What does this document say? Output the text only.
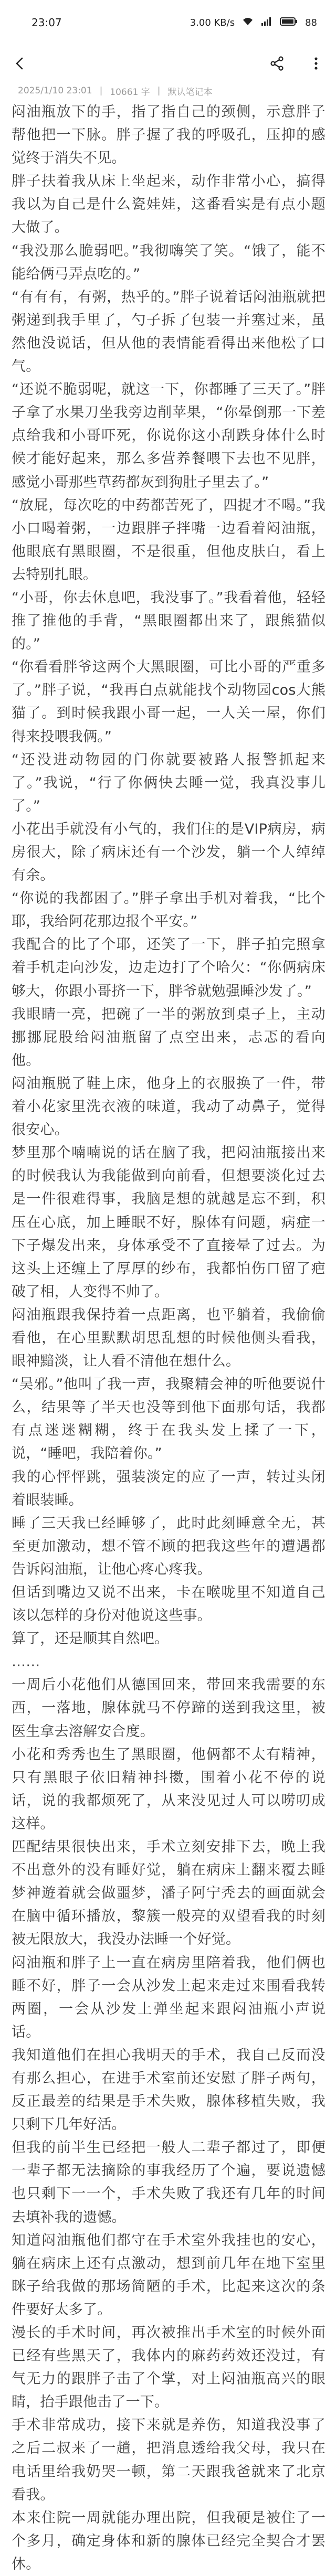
23:07	3.00 KB/s	88
2025/1/10 23:01 | 10661 字 | 默认笔记本

闷油瓶放下的手，指了指自己的颈侧，示意胖子帮他把一下脉。胖子握了我的呼吸孔，压抑的感觉终于消失不见。

胖子扶着我从床上坐起来，动作非常小心，搞得我以为自己是什么瓷娃娃，这番看实是有点小题大做了。

“我没那么脆弱吧。”我彻嗨笑了笑。“饿了，能不能给俩弓弄点吃的。”

“有有有，有粥，热乎的。”胖子说着话闷油瓶就把粥递到我手里了，勺子拆了包装一并塞过来，虽然他没说话，但从他的表情能看得出来他松了口气。

“还说不脆弱呢，就这一下，你都睡了三天了。”胖子拿了水果刀坐我旁边削苹果，“你晕倒那一下差点给我和小哥吓死，你说你这小刮跌身体什么时候才能好起来，那么多营养餐喂下去也不见胖，感觉小哥那些草药都灰到狗肚子里去了。”

“放屁，每次吃的中药都苦死了，四捉才不喝。”我小口喝着粥，一边跟胖子拌嘴一边看着闷油瓶，他眼底有黑眼圈，不是很重，但他皮肤白，看上去特别扎眼。

“小哥，你去休息吧，我没事了。”我看着他，轻轻推了推他的手背，“黑眼圈都出来了，跟熊猫似的。”

“你看看胖爷这两个大黑眼圈，可比小哥的严重多了。”胖子说，“我再白点就能找个动物园cos大熊猫了。到时候我跟小哥一起，一人关一屋，你们得来投喂我俩。”

“还没进动物园的门你就要被路人报警抓起来了。”我说，“行了你俩快去睡一觉，我真没事儿了。”

小花出手就没有小气的，我们住的是VIP病房，病房很大，除了病床还有一个沙发，躺一个人绰绰有余。

“你说的我都困了。”胖子拿出手机对着我，“比个耶，我给阿花那边报个平安。”

我配合的比了个耶，还笑了一下，胖子拍完照拿着手机走向沙发，边走边打了个哈欠：“你俩病床够大，你跟小哥挤一下，胖爷就勉强睡沙发了。”

我眼睛一亮，把碗了一半的粥放到桌子上，主动挪挪屁股给闷油瓶留了点空出来，忐忑的看向他。

闷油瓶脱了鞋上床，他身上的衣服换了一件，带着小花家里洗衣液的味道，我动了动鼻子，觉得很安心。

梦里那个喃喃说的话在脑了我，把闷油瓶接出来的时候我认为我能做到向前看，但想要淡化过去是一件很难得事，我脑是想的就越是忘不到，积压在心底，加上睡眠不好，腺体有问题，病症一下子爆发出来，身体承受不了直接晕了过去。为这头上还缠上了厚厚的纱布，我都怕伤口留了疤破了相，人变得不帅了。

闷油瓶跟我保持着一点距离，也平躺着，我偷偷看他，在心里默默胡思乱想的时候他侧头看我，眼神黯淡，让人看不清他在想什么。

“吴邪。”他叫了我一声，我聚精会神的听他要说什么，结果等了半天也没等到他下面那句话，我都有点迷迷糊糊，终于在我头发上揉了一下，说，“睡吧，我陪着你。”

我的心怦怦跳，强装淡定的应了一声，转过头闭着眼装睡。

睡了三天我已经睡够了，此时此刻睡意全无，甚至更加激动，想不管不顾的把我这些年的遭遇都告诉闷油瓶，让他心疼心疼我。

但话到嘴边又说不出来，卡在喉咙里不知道自己该以怎样的身份对他说这些事。

算了，还是顺其自然吧。

……

一周后小花他们从德国回来，带回来我需要的东西，一落地，腺体就马不停蹄的送到我这里，被医生拿去溶解安合度。

小花和秀秀也生了黑眼圈，他俩都不太有精神，只有黑眼子依旧精神抖擞，围着小花不停的说话，说的我都烦死了，从来没见过人可以唠叨成这样。

匹配结果很快出来，手术立刻安排下去，晚上我不出意外的没有睡好觉，躺在病床上翻来覆去睡梦神遊着就会做噩梦，潘子阿宁秃去的画面就会在脑中循环播放，黎簇一般亮的双望看我的时刻被无限放大，我没办法睡一个好觉。

闷油瓶和胖子上一直在病房里陪着我，他们俩也睡不好，胖子一会从沙发上起来走过来围看我转两圈，一会从沙发上弹坐起来跟闷油瓶小声说话。

我知道他们在担心我明天的手术，我自己反而没有那么担心，在进手术室前还安慰了胖子两句，反正最差的结果是手术失败，腺体移植失败，我只剩下几年好活。

但我的前半生已经把一般人二辈子都过了，即便一辈子都无法摘除的事我经历了个遍，要说遗憾也只剩下一一个，手术失败了我还有几年的时间去填补我的遗憾。

知道闷油瓶他们都守在手术室外我挂也的安心，躺在病床上还有点激动，想到前几年在地下室里眯子给我做的那场简陋的手术，比起来这次的条件要好太多了。

漫长的手术时间，再次被推出手术室的时候外面已经有些黑天了，我体内的麻药药效还没过，有气无力的跟胖子击了个掌，对上闷油瓶高兴的眼睛，抬手跟他击了一下。

手术非常成功，接下来就是养伤，知道我没事了之后二叔来了一趟，把消息透给我父母，我只在电话里给我奶哭一顿，第二天跟我爸就来了北京看我。

本来住院一周就能办理出院，但我硬是被住了一个多月，确定身体和新的腺体已经完全契合才罢休。
